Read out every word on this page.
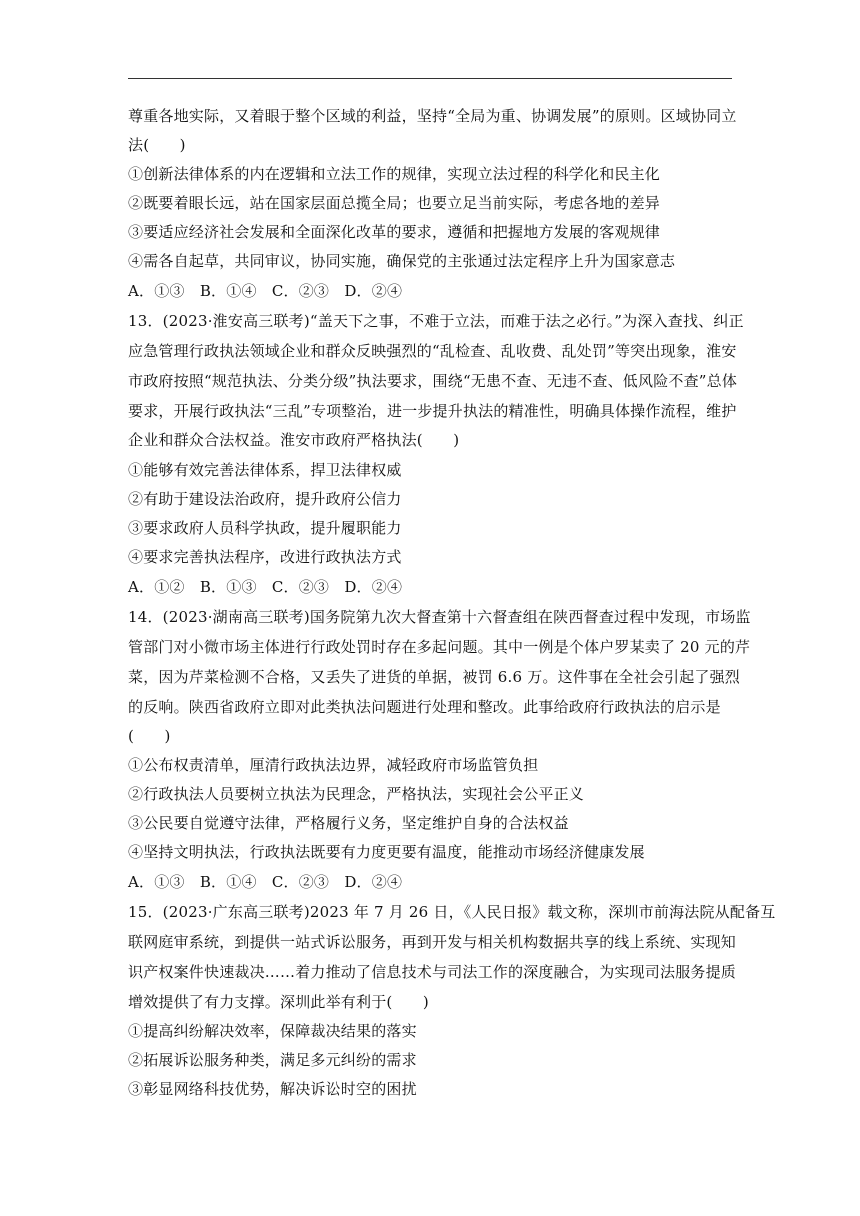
尊重各地实际，又着眼于整个区域的利益，坚持“全局为重、协调发展”的原则。区域协同立
法(　　)
①创新法律体系的内在逻辑和立法工作的规律，实现立法过程的科学化和民主化
②既要着眼长远，站在国家层面总揽全局；也要立足当前实际，考虑各地的差异
③要适应经济社会发展和全面深化改革的要求，遵循和把握地方发展的客观规律
④需各自起草，共同审议，协同实施，确保党的主张通过法定程序上升为国家意志
A．①③　B．①④　C．②③　D．②④
13．(2023·淮安高三联考)“盖天下之事，不难于立法，而难于法之必行。”为深入查找、纠正
应急管理行政执法领域企业和群众反映强烈的“乱检查、乱收费、乱处罚”等突出现象，淮安
市政府按照“规范执法、分类分级”执法要求，围绕“无患不查、无违不查、低风险不查”总体
要求，开展行政执法“三乱”专项整治，进一步提升执法的精准性，明确具体操作流程，维护
企业和群众合法权益。淮安市政府严格执法(　　)
①能够有效完善法律体系，捍卫法律权威
②有助于建设法治政府，提升政府公信力
③要求政府人员科学执政，提升履职能力
④要求完善执法程序，改进行政执法方式
A．①②　B．①③　C．②③　D．②④
14．(2023·湖南高三联考)国务院第九次大督查第十六督查组在陕西督查过程中发现，市场监
管部门对小微市场主体进行行政处罚时存在多起问题。其中一例是个体户罗某卖了 20 元的芹
菜，因为芹菜检测不合格，又丢失了进货的单据，被罚 6.6 万。这件事在全社会引起了强烈
的反响。陕西省政府立即对此类执法问题进行处理和整改。此事给政府行政执法的启示是
(　　)
①公布权责清单，厘清行政执法边界，减轻政府市场监管负担
②行政执法人员要树立执法为民理念，严格执法，实现社会公平正义
③公民要自觉遵守法律，严格履行义务，坚定维护自身的合法权益
④坚持文明执法，行政执法既要有力度更要有温度，能推动市场经济健康发展
A．①③　B．①④　C．②③　D．②④
15．(2023·广东高三联考)2023 年 7 月 26 日，《人民日报》载文称，深圳市前海法院从配备互
联网庭审系统，到提供一站式诉讼服务，再到开发与相关机构数据共享的线上系统、实现知
识产权案件快速裁决……着力推动了信息技术与司法工作的深度融合，为实现司法服务提质
增效提供了有力支撑。深圳此举有利于(　　)
①提高纠纷解决效率，保障裁决结果的落实
②拓展诉讼服务种类，满足多元纠纷的需求
③彰显网络科技优势，解决诉讼时空的困扰
